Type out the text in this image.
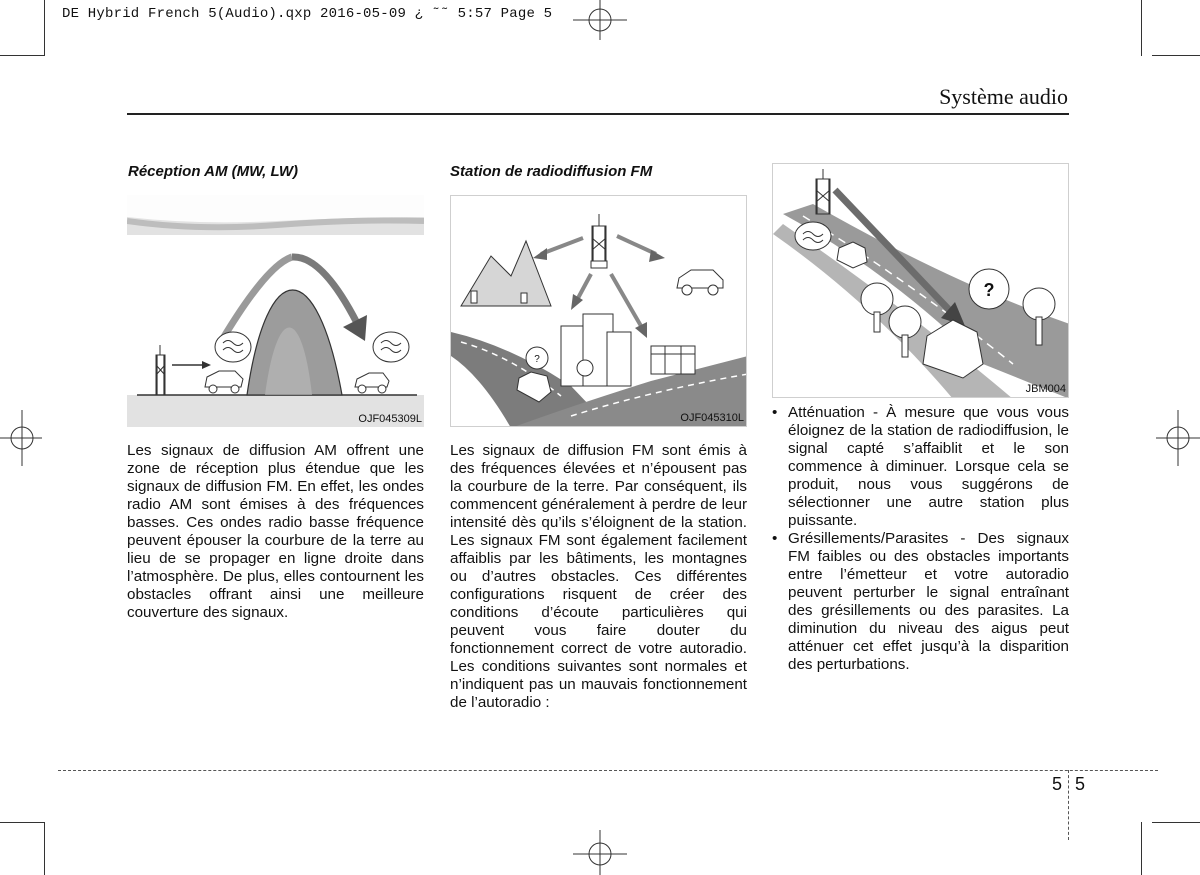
DE Hybrid French 5(Audio).qxp 2016-05-09 ¿ ˜˜ 5:57 Page 5
Système audio
Réception AM (MW, LW)
OJF045309L

Les signaux de diffusion AM offrent une zone de réception plus étendue que les signaux de diffusion FM. En effet, les ondes radio AM sont émises à des fréquences basses. Ces ondes radio basse fréquence peuvent épouser la courbure de la terre au lieu de se propager en ligne droite dans l’atmosphère. De plus, elles contournent les obstacles offrant ainsi une meilleure couverture des signaux.

Station de radiodiffusion FM
?
OJF045310L

Les signaux de diffusion FM sont émis à des fréquences élevées et n’épousent pas la courbure de la terre. Par conséquent, ils commencent généralement à perdre de leur intensité dès qu’ils s’éloignent de la station. Les signaux FM sont également facilement affaiblis par les bâtiments, les montagnes ou d’autres obstacles. Ces différentes configurations risquent de créer des conditions d’écoute particulières qui peuvent vous faire douter du fonctionnement correct de votre autoradio. Les conditions suivantes sont normales et n’indiquent pas un mauvais fonctionnement de l’autoradio :

?
JBM004
• Atténuation - À mesure que vous vous éloignez de la station de radiodiffusion, le signal capté s’affaiblit et le son commence à diminuer. Lorsque cela se produit, nous vous suggérons de sélectionner une autre station plus puissante.
• Grésillements/Parasites - Des signaux FM faibles ou des obstacles importants entre l’émetteur et votre autoradio peuvent perturber le signal entraînant des grésillements ou des parasites. La diminution du niveau des aigus peut atténuer cet effet jusqu’à la disparition des perturbations.
5 5
